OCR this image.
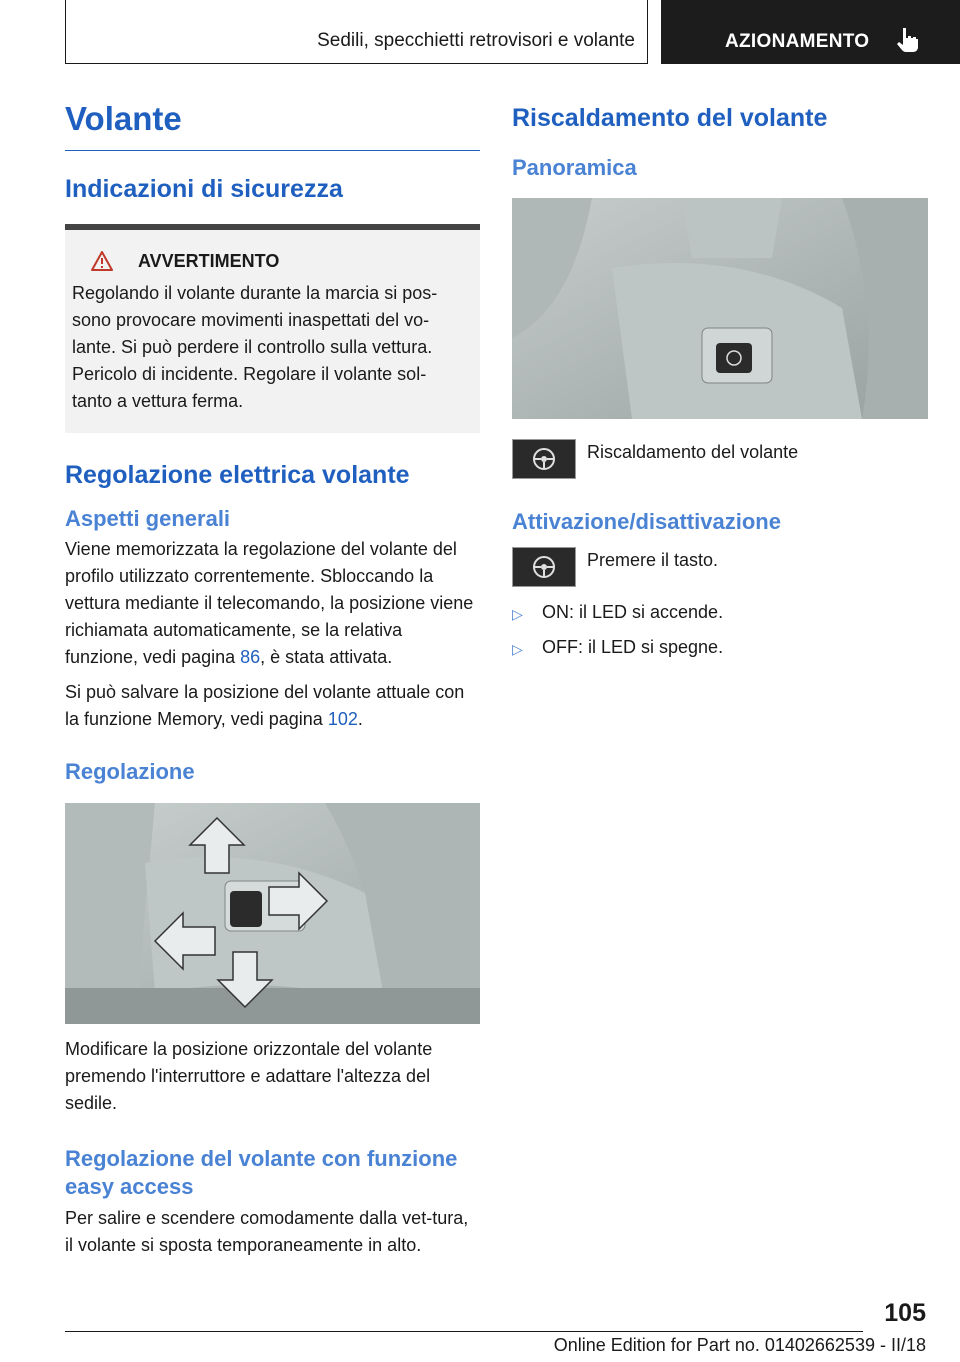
Sedili, specchietti retrovisori e volante	AZIONAMENTO
Volante
Indicazioni di sicurezza
AVVERTIMENTO

Regolando il volante durante la marcia si pos-sono provocare movimenti inaspettati del vo-lante. Si può perdere il controllo sulla vettura. Pericolo di incidente. Regolare il volante sol-tanto a vettura ferma.

Regolazione elettrica volante
Aspetti generali

Viene memorizzata la regolazione del volante del profilo utilizzato correntemente. Sbloccando la vettura mediante il telecomando, la posizione viene richiamata automaticamente, se la relativa funzione, vedi pagina 86, è stata attivata.

Si può salvare la posizione del volante attuale con la funzione Memory, vedi pagina 102.

Regolazione

Modificare la posizione orizzontale del volante premendo l'interruttore e adattare l'altezza del sedile.

Regolazione del volante con funzione easy access

Per salire e scendere comodamente dalla vet-tura, il volante si sposta temporaneamente in alto.

Riscaldamento del volante
Panoramica
Riscaldamento del volante
Attivazione/disattivazione
Premere il tasto.
▷	ON: il LED si accende.
▷	OFF: il LED si spegne.
105
Online Edition for Part no. 01402662539 - II/18
